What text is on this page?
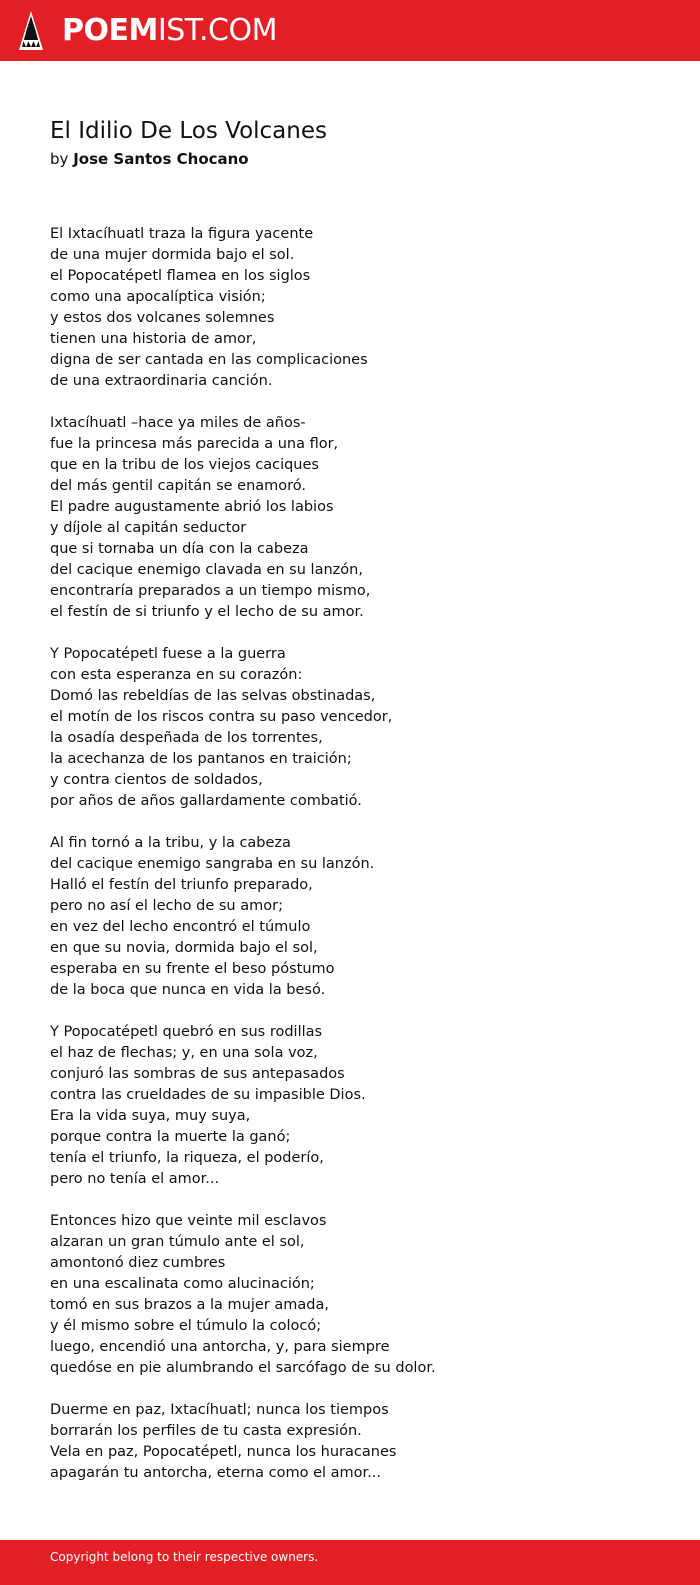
POEMIST.COM
El Idilio De Los Volcanes
by Jose Santos Chocano
El Ixtacíhuatl traza la figura yacente
de una mujer dormida bajo el sol.
el Popocatépetl flamea en los siglos
como una apocalíptica visión;
y estos dos volcanes solemnes
tienen una historia de amor,
digna de ser cantada en las complicaciones
de una extraordinaria canción.
Ixtacíhuatl –hace ya miles de años-
fue la princesa más parecida a una flor,
que en la tribu de los viejos caciques
del más gentil capitán se enamoró.
El padre augustamente abrió los labios
y díjole al capitán seductor
que si tornaba un día con la cabeza
del cacique enemigo clavada en su lanzón,
encontraría preparados a un tiempo mismo,
el festín de si triunfo y el lecho de su amor.
Y Popocatépetl fuese a la guerra
con esta esperanza en su corazón:
Domó las rebeldías de las selvas obstinadas,
el motín de los riscos contra su paso vencedor,
la osadía despeñada de los torrentes,
la acechanza de los pantanos en traición;
y contra cientos de soldados,
por años de años gallardamente combatió.
Al fin tornó a la tribu, y la cabeza
del cacique enemigo sangraba en su lanzón.
Halló el festín del triunfo preparado,
pero no así el lecho de su amor;
en vez del lecho encontró el túmulo
en que su novia, dormida bajo el sol,
esperaba en su frente el beso póstumo
de la boca que nunca en vida la besó.
Y Popocatépetl quebró en sus rodillas
el haz de flechas; y, en una sola voz,
conjuró las sombras de sus antepasados
contra las crueldades de su impasible Dios.
Era la vida suya, muy suya,
porque contra la muerte la ganó;
tenía el triunfo, la riqueza, el poderío,
pero no tenía el amor...
Entonces hizo que veinte mil esclavos
alzaran un gran túmulo ante el sol,
amontonó diez cumbres
en una escalinata como alucinación;
tomó en sus brazos a la mujer amada,
y él mismo sobre el túmulo la colocó;
luego, encendió una antorcha, y, para siempre
quedóse en pie alumbrando el sarcófago de su dolor.
Duerme en paz, Ixtacíhuatl; nunca los tiempos
borrarán los perfiles de tu casta expresión.
Vela en paz, Popocatépetl, nunca los huracanes
apagarán tu antorcha, eterna como el amor...
Copyright belong to their respective owners.
